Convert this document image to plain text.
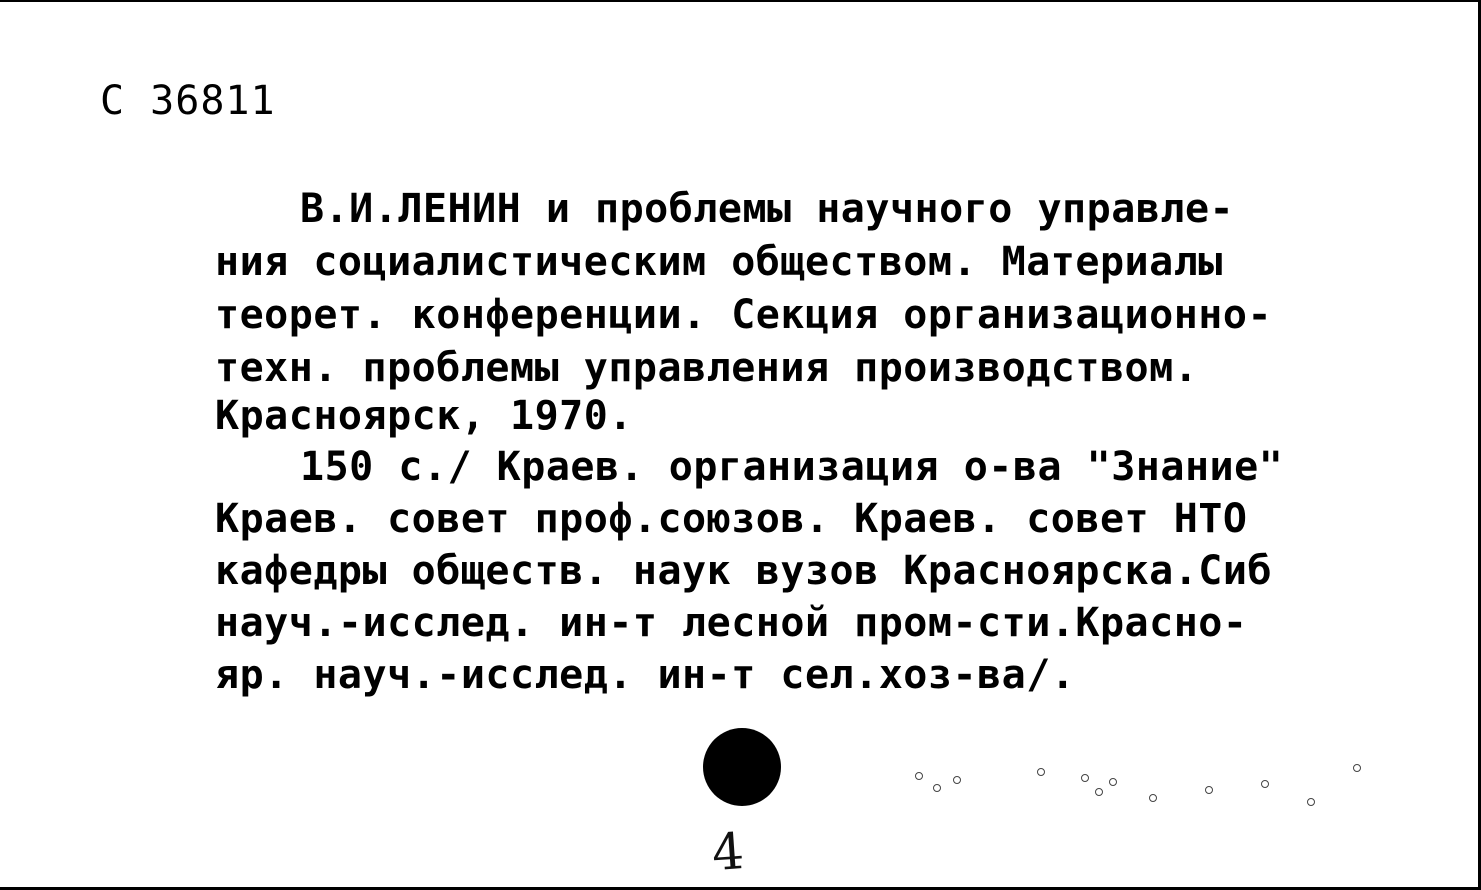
С 36811

В.И.ЛЕНИН и проблемы научного управле-

ния социалистическим обществом. Материалы

теорет. конференции. Секция организационно-

техн. проблемы управления производством.

Красноярск, 1970.

150 с./ Краев. организация о-ва "Знание"

Краев. совет проф.союзов. Краев. совет НТО

кафедры обществ. наук вузов Красноярска.Сиб

науч.-исслед. ин-т лесной пром-сти.Красно-

яр. науч.-исслед. ин-т сел.хоз-ва/.

4
